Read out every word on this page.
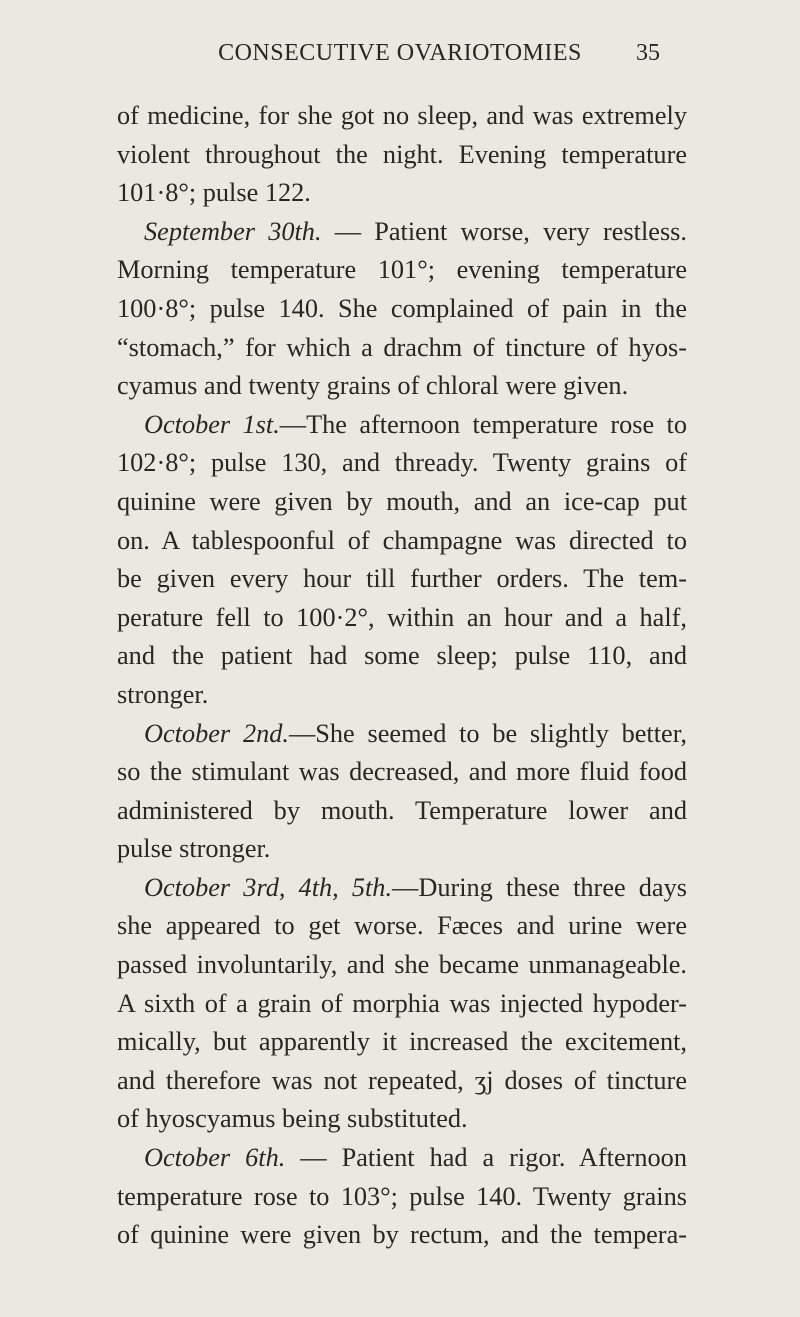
CONSECUTIVE OVARIOTOMIES	35

of medicine, for she got no sleep, and was extremely

violent throughout the night. Evening temperature

101·8°; pulse 122.

September 30th. — Patient worse, very restless.

Morning temperature 101°; evening temperature

100·8°; pulse 140. She complained of pain in the

“stomach,” for which a drachm of tincture of hyos-

cyamus and twenty grains of chloral were given.

October 1st.—The afternoon temperature rose to

102·8°; pulse 130, and thready. Twenty grains of

quinine were given by mouth, and an ice-cap put

on. A tablespoonful of champagne was directed to

be given every hour till further orders. The tem-

perature fell to 100·2°, within an hour and a half,

and the patient had some sleep; pulse 110, and

stronger.

October 2nd.—She seemed to be slightly better,

so the stimulant was decreased, and more fluid food

administered by mouth. Temperature lower and

pulse stronger.

October 3rd, 4th, 5th.—During these three days

she appeared to get worse. Fæces and urine were

passed involuntarily, and she became unmanageable.

A sixth of a grain of morphia was injected hypoder-

mically, but apparently it increased the excitement,

and therefore was not repeated, ʒj doses of tincture

of hyoscyamus being substituted.

October 6th. — Patient had a rigor. Afternoon

temperature rose to 103°; pulse 140. Twenty grains

of quinine were given by rectum, and the tempera-
